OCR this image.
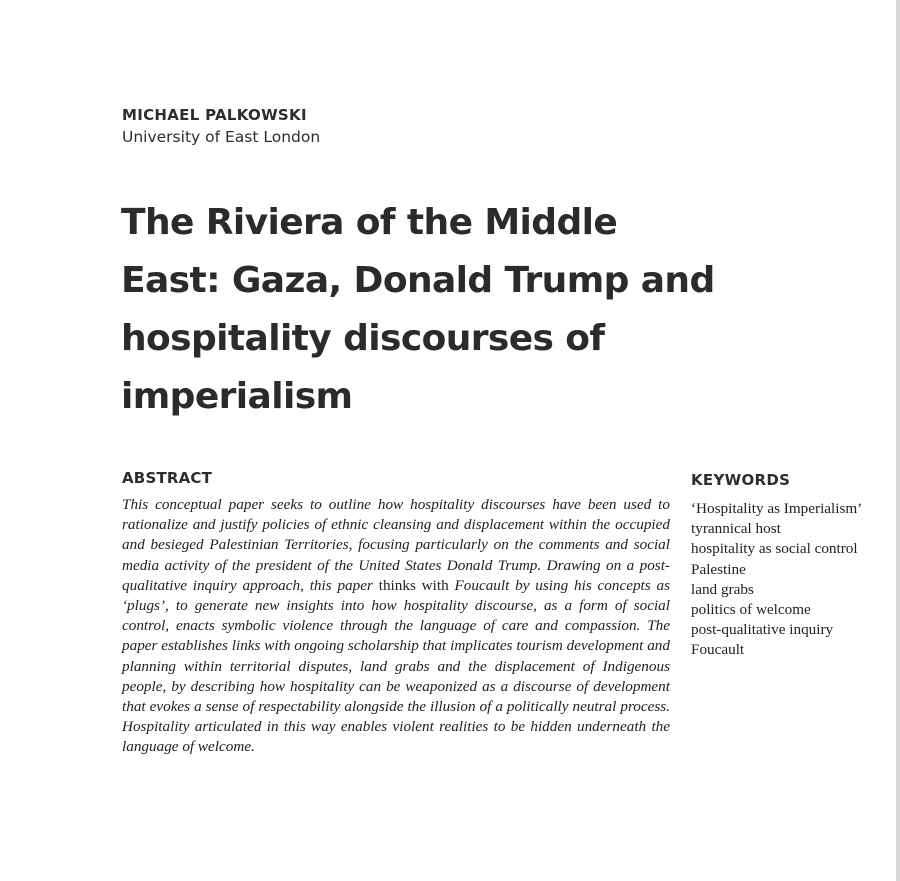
MICHAEL PALKOWSKI
University of East London
The Riviera of the Middle East: Gaza, Donald Trump and hospitality discourses of imperialism
ABSTRACT
This conceptual paper seeks to outline how hospitality discourses have been used to rationalize and justify policies of ethnic cleansing and displacement within the occupied and besieged Palestinian Territories, focusing particularly on the comments and social media activity of the president of the United States Donald Trump. Drawing on a post-qualitative inquiry approach, this paper thinks with Foucault by using his concepts as ‘plugs’, to generate new insights into how hospitality discourse, as a form of social control, enacts symbolic violence through the language of care and compassion. The paper establishes links with ongoing scholarship that implicates tourism development and planning within territorial disputes, land grabs and the displacement of Indigenous people, by describing how hospitality can be weaponized as a discourse of development that evokes a sense of respectability alongside the illusion of a politically neutral process. Hospitality articulated in this way enables violent realities to be hidden underneath the language of welcome.
KEYWORDS
‘Hospitality as Imperialism’
tyrannical host
hospitality as social control
Palestine
land grabs
politics of welcome
post-qualitative inquiry
Foucault
